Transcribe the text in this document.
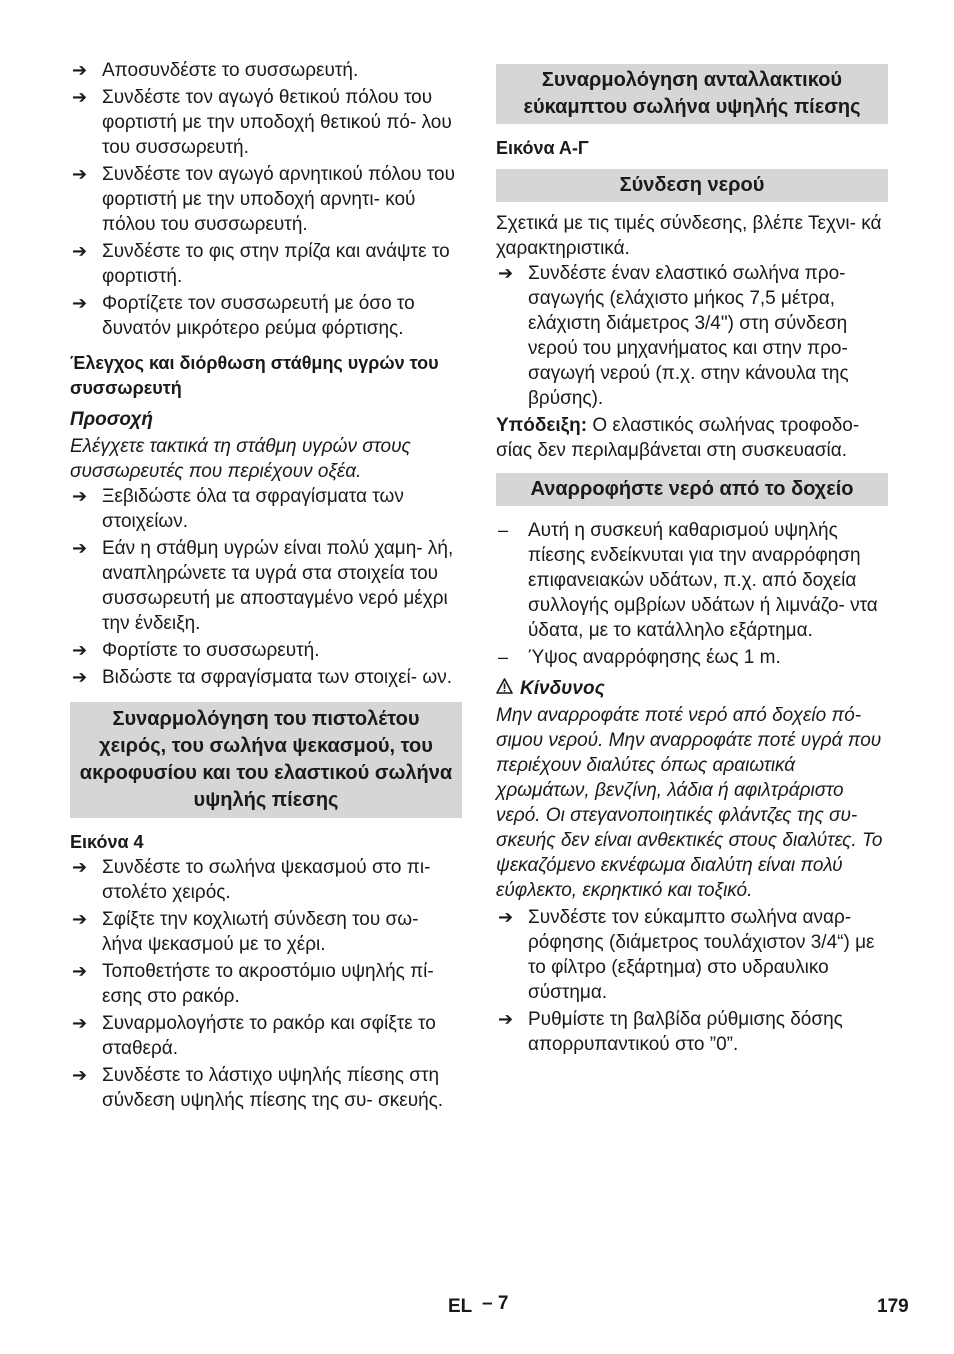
➔ Αποσυνδέστε το συσσωρευτή.
➔ Συνδέστε τον αγωγό θετικού πόλου του φορτιστή με την υποδοχή θετικού πό- λου του συσσωρευτή.
➔ Συνδέστε τον αγωγό αρνητικού πόλου του φορτιστή με την υποδοχή αρνητι- κού πόλου του συσσωρευτή.
➔ Συνδέστε το φις στην πρίζα και ανάψτε το φορτιστή.
➔ Φορτίζετε τον συσσωρευτή με όσο το δυνατόν μικρότερο ρεύμα φόρτισης.

Έλεγχος και διόρθωση στάθμης υγρών του συσσωρευτή

Προσοχή

Ελέγχετε τακτικά τη στάθμη υγρών στους συσσωρευτές που περιέχουν οξέα.

➔ Ξεβιδώστε όλα τα σφραγίσματα των στοιχείων.
➔ Εάν η στάθμη υγρών είναι πολύ χαμη- λή, αναπληρώνετε τα υγρά στα στοιχεία του συσσωρευτή με αποσταγμένο νερό μέχρι την ένδειξη.
➔ Φορτίστε το συσσωρευτή.
➔ Βιδώστε τα σφραγίσματα των στοιχεί- ων.
Συναρμολόγηση του πιστολέτου χειρός, του σωλήνα ψεκασμού, του ακροφυσίου και του ελαστικού σωλήνα υψηλής πίεσης

Εικόνα 4

➔ Συνδέστε το σωλήνα ψεκασμού στο πι- στολέτο χειρός.
➔ Σφίξτε την κοχλιωτή σύνδεση του σω- λήνα ψεκασμού με το χέρι.
➔ Τοποθετήστε το ακροστόμιο υψηλής πί- εσης στο ρακόρ.
➔ Συναρμολογήστε το ρακόρ και σφίξτε το σταθερά.
➔ Συνδέστε το λάστιχο υψηλής πίεσης στη σύνδεση υψηλής πίεσης της συ- σκευής.
Συναρμολόγηση ανταλλακτικού εύκαμπτου σωλήνα υψηλής πίεσης

Εικόνα Α-Γ

Σύνδεση νερού

Σχετικά με τις τιμές σύνδεσης, βλέπε Τεχνι- κά χαρακτηριστικά.

➔ Συνδέστε έναν ελαστικό σωλήνα προ- σαγωγής (ελάχιστο μήκος 7,5 μέτρα, ελάχιστη διάμετρος 3/4") στη σύνδεση νερού του μηχανήματος και στην προ- σαγωγή νερού (π.χ. στην κάνουλα της βρύσης).

Υπόδειξη: Ο ελαστικός σωλήνας τροφοδο- σίας δεν περιλαμβάνεται στη συσκευασία.

Αναρροφήστε νερό από το δοχείο
–	Αυτή η συσκευή καθαρισμού υψηλής πίεσης ενδείκνυται για την αναρρόφηση επιφανειακών υδάτων, π.χ. από δοχεία συλλογής ομβρίων υδάτων ή λιμνάζο- ντα ύδατα, με το κατάλληλο εξάρτημα.
–	Ύψος αναρρόφησης έως 1 m.

Κίνδυνος

Μην αναρροφάτε ποτέ νερό από δοχείο πό- σιμου νερού. Μην αναρροφάτε ποτέ υγρά που περιέχουν διαλύτες όπως αραιωτικά χρωμάτων, βενζίνη, λάδια ή αφιλτράριστο νερό. Οι στεγανοποιητικές φλάντζες της συ- σκευής δεν είναι ανθεκτικές στους διαλύτες. Το ψεκαζόμενο εκνέφωμα διαλύτη είναι πολύ εύφλεκτο, εκρηκτικό και τοξικό.

➔ Συνδέστε τον εύκαμπτο σωλήνα αναρ- ρόφησης (διάμετρος τουλάχιστον 3/4“) με το φίλτρο (εξάρτημα) στο υδραυλικο σύστημα.
➔ Ρυθμίστε τη βαλβίδα ρύθμισης δόσης απορρυπαντικού στο ”0”.
EL – 7	179
